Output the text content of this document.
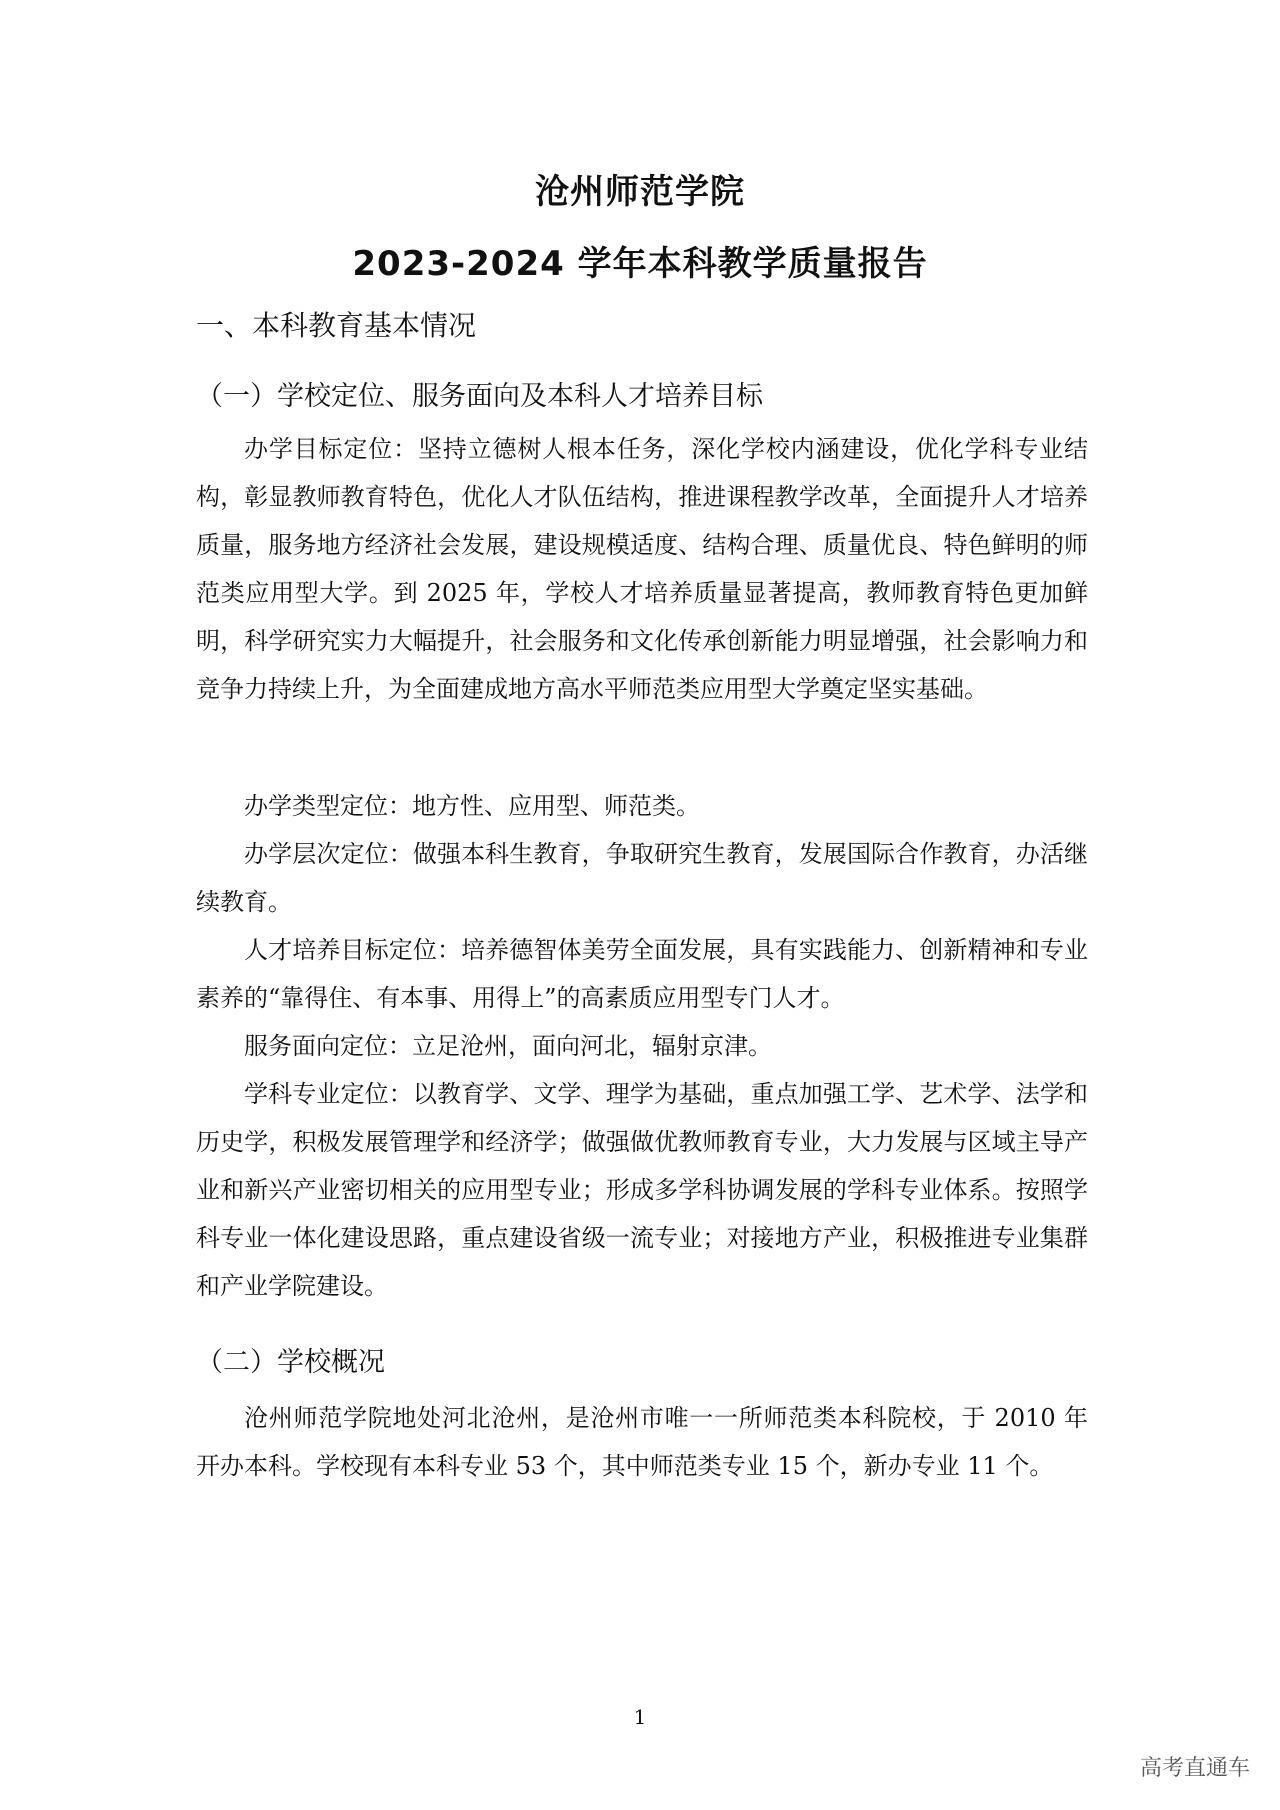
沧州师范学院
2023-2024 学年本科教学质量报告
一、本科教育基本情况
（一）学校定位、服务面向及本科人才培养目标

办学目标定位：坚持立德树人根本任务，深化学校内涵建设，优化学科专业结构，彰显教师教育特色，优化人才队伍结构，推进课程教学改革，全面提升人才培养质量，服务地方经济社会发展，建设规模适度、结构合理、质量优良、特色鲜明的师范类应用型大学。到 2025 年，学校人才培养质量显著提高，教师教育特色更加鲜明，科学研究实力大幅提升，社会服务和文化传承创新能力明显增强，社会影响力和竞争力持续上升，为全面建成地方高水平师范类应用型大学奠定坚实基础。

办学类型定位：地方性、应用型、师范类。

办学层次定位：做强本科生教育，争取研究生教育，发展国际合作教育，办活继续教育。

人才培养目标定位：培养德智体美劳全面发展，具有实践能力、创新精神和专业素养的“靠得住、有本事、用得上”的高素质应用型专门人才。

服务面向定位：立足沧州，面向河北，辐射京津。

学科专业定位：以教育学、文学、理学为基础，重点加强工学、艺术学、法学和历史学，积极发展管理学和经济学；做强做优教师教育专业，大力发展与区域主导产业和新兴产业密切相关的应用型专业；形成多学科协调发展的学科专业体系。按照学科专业一体化建设思路，重点建设省级一流专业；对接地方产业，积极推进专业集群和产业学院建设。

（二）学校概况

沧州师范学院地处河北沧州，是沧州市唯一一所师范类本科院校，于 2010 年开办本科。学校现有本科专业 53 个，其中师范类专业 15 个，新办专业 11 个。

1
高考直通车
